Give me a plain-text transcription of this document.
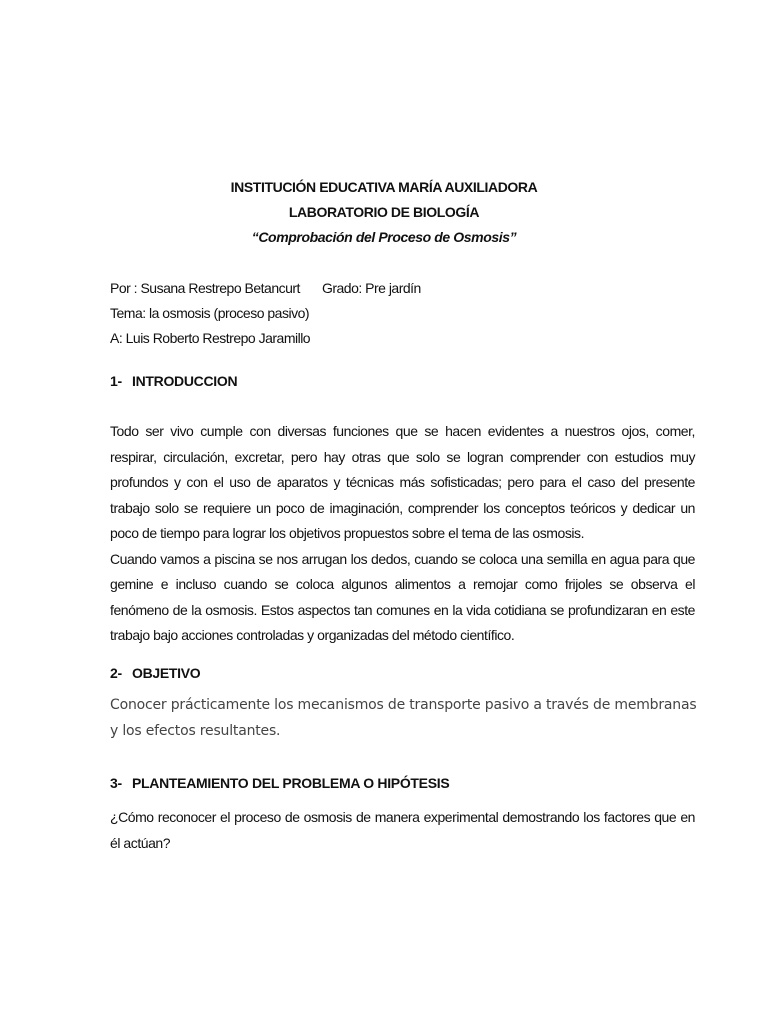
INSTITUCIÓN EDUCATIVA MARÍA AUXILIADORA
LABORATORIO DE BIOLOGÍA
“Comprobación del Proceso de Osmosis”
Por : Susana Restrepo Betancurt Grado: Pre jardín
Tema: la osmosis (proceso pasivo)
A: Luis Roberto Restrepo Jaramillo
1- INTRODUCCION

Todo ser vivo cumple con diversas funciones que se hacen evidentes a nuestros ojos, comer, respirar, circulación, excretar, pero hay otras que solo se logran comprender con estudios muy profundos y con el uso de aparatos y técnicas más sofisticadas; pero para el caso del presente trabajo solo se requiere un poco de imaginación, comprender los conceptos teóricos y dedicar un poco de tiempo para lograr los objetivos propuestos sobre el tema de las osmosis.

Cuando vamos a piscina se nos arrugan los dedos, cuando se coloca una semilla en agua para que gemine e incluso cuando se coloca algunos alimentos a remojar como frijoles se observa el fenómeno de la osmosis. Estos aspectos tan comunes en la vida cotidiana se profundizaran en este trabajo bajo acciones controladas y organizadas del método científico.

2- OBJETIVO
Conocer prácticamente los mecanismos de transporte pasivo a través de membranas y los efectos resultantes.
3- PLANTEAMIENTO DEL PROBLEMA O HIPÓTESIS

¿Cómo reconocer el proceso de osmosis de manera experimental demostrando los factores que en él actúan?
